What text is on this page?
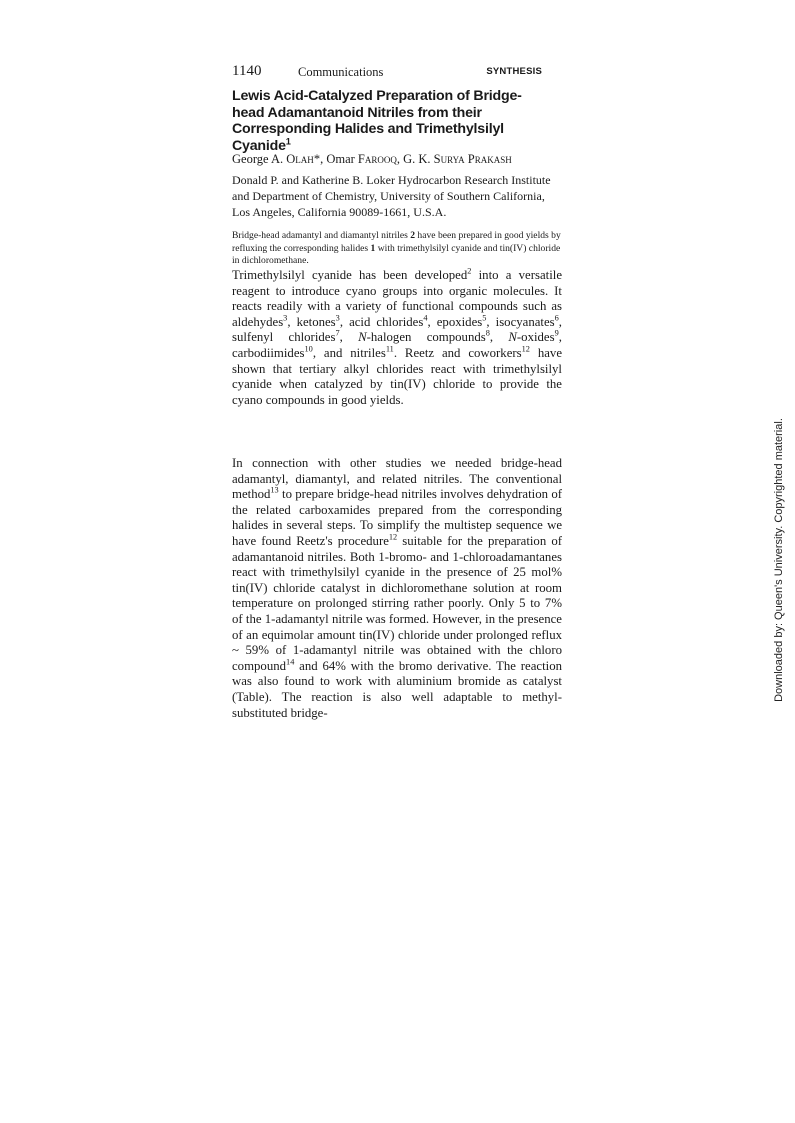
1140	Communications	SYNTHESIS
Lewis Acid-Catalyzed Preparation of Bridge-head Adamantanoid Nitriles from their Corresponding Halides and Trimethylsilyl Cyanide$^1$
George A. Olah*, Omar Farooq, G. K. Surya Prakash
Donald P. and Katherine B. Loker Hydrocarbon Research Institute and Department of Chemistry, University of Southern California, Los Angeles, California 90089-1661, U.S.A.
Bridge-head adamantyl and diamantyl nitriles 2 have been prepared in good yields by refluxing the corresponding halides 1 with trimethylsilyl cyanide and tin(IV) chloride in dichloromethane.

Trimethylsilyl cyanide has been developed$^2$ into a versatile reagent to introduce cyano groups into organic molecules. It reacts readily with a variety of functional compounds such as aldehydes$^3$, ketones$^3$, acid chlorides$^4$, epoxides$^5$, isocyanates$^6$, sulfenyl chlorides$^7$, N-halogen compounds$^8$, N-oxides$^9$, carbodiimides$^{10}$, and nitriles$^{11}$. Reetz and coworkers$^{12}$ have shown that tertiary alkyl chlorides react with trimethylsilyl cyanide when catalyzed by tin(IV) chloride to provide the cyano compounds in good yields.

In connection with other studies we needed bridge-head adamantyl, diamantyl, and related nitriles. The conventional method$^{13}$ to prepare bridge-head nitriles involves dehydration of the related carboxamides prepared from the corresponding halides in several steps. To simplify the multistep sequence we have found Reetz's procedure$^{12}$ suitable for the preparation of adamantanoid nitriles. Both 1-bromo- and 1-chloroadamantanes react with trimethylsilyl cyanide in the presence of 25 mol% tin(IV) chloride catalyst in dichloromethane solution at room temperature on prolonged stirring rather poorly. Only 5 to 7% of the 1-adamantyl nitrile was formed. However, in the presence of an equimolar amount tin(IV) chloride under prolonged reflux ~ 59% of 1-adamantyl nitrile was obtained with the chloro compound$^{14}$ and 64% with the bromo derivative. The reaction was also found to work with aluminium bromide as catalyst (Table). The reaction is also well adaptable to methyl-substituted bridge-

Downloaded by: Queen's University. Copyrighted material.
